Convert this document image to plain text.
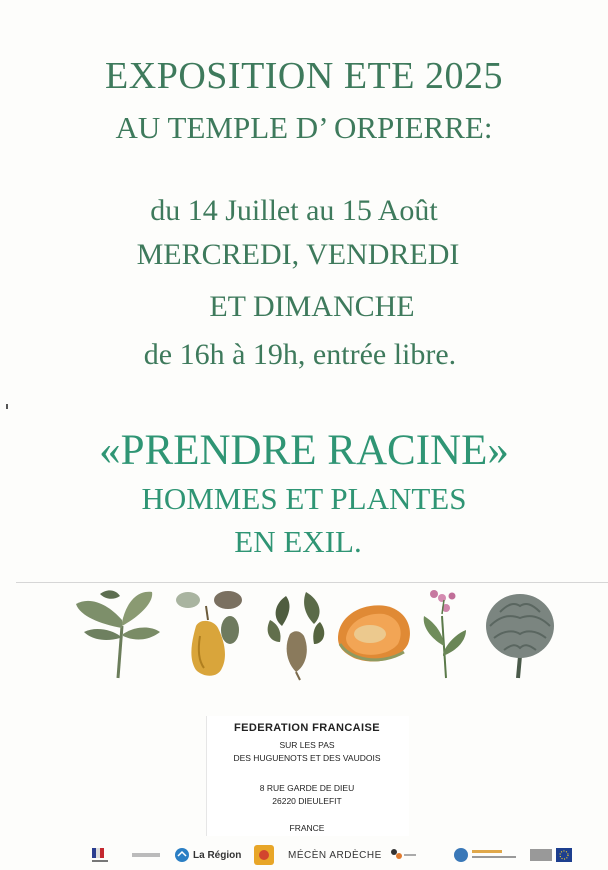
EXPOSITION ETE 2025
AU TEMPLE D’ ORPIERRE:
du 14 Juillet au 15 Août
MERCREDI, VENDREDI
ET DIMANCHE
de 16h à 19h, entrée libre.
«PRENDRE RACINE»
HOMMES ET PLANTES
EN EXIL.
FEDERATION FRANCAISE
SUR LES PAS
DES HUGUENOTS ET DES VAUDOIS
8 RUE GARDE DE DIEU
26220 DIEULEFIT
FRANCE
La Région	MÉCÈN ARDÈCHE
